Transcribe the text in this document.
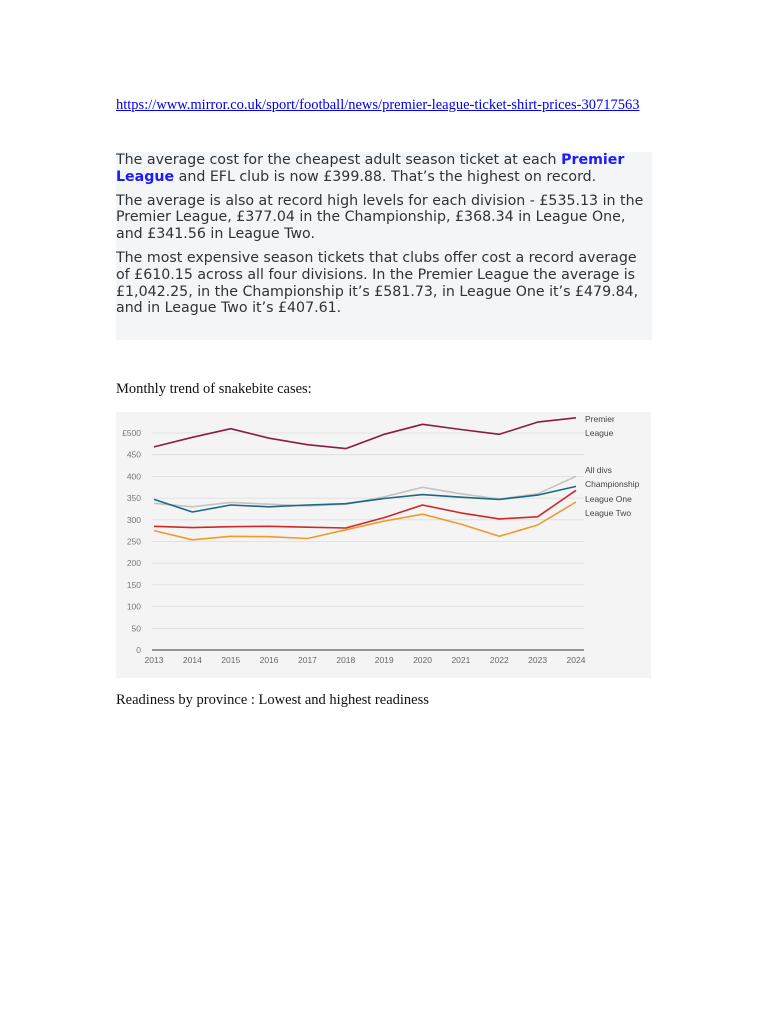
https://www.mirror.co.uk/sport/football/news/premier-league-ticket-shirt-prices-30717563

The average cost for the cheapest adult season ticket at each Premier League and EFL club is now £399.88. That’s the highest on record.

The average is also at record high levels for each division - £535.13 in the Premier League, £377.04 in the Championship, £368.34 in League One, and £341.56 in League Two.

The most expensive season tickets that clubs offer cost a record average of £610.15 across all four divisions. In the Premier League the average is £1,042.25, in the Championship it’s £581.73, in League One it’s £479.84, and in League Two it’s £407.61.

Monthly trend of snakebite cases:
0
50
100
150
200
250
300
350
400
450
£500
2013 2014 2015 2016 2017 2018 2019 2020 2021 2022 2023 2024
Premier
League
All divs
Championship
League One
League Two
Readiness by province : Lowest and highest readiness
